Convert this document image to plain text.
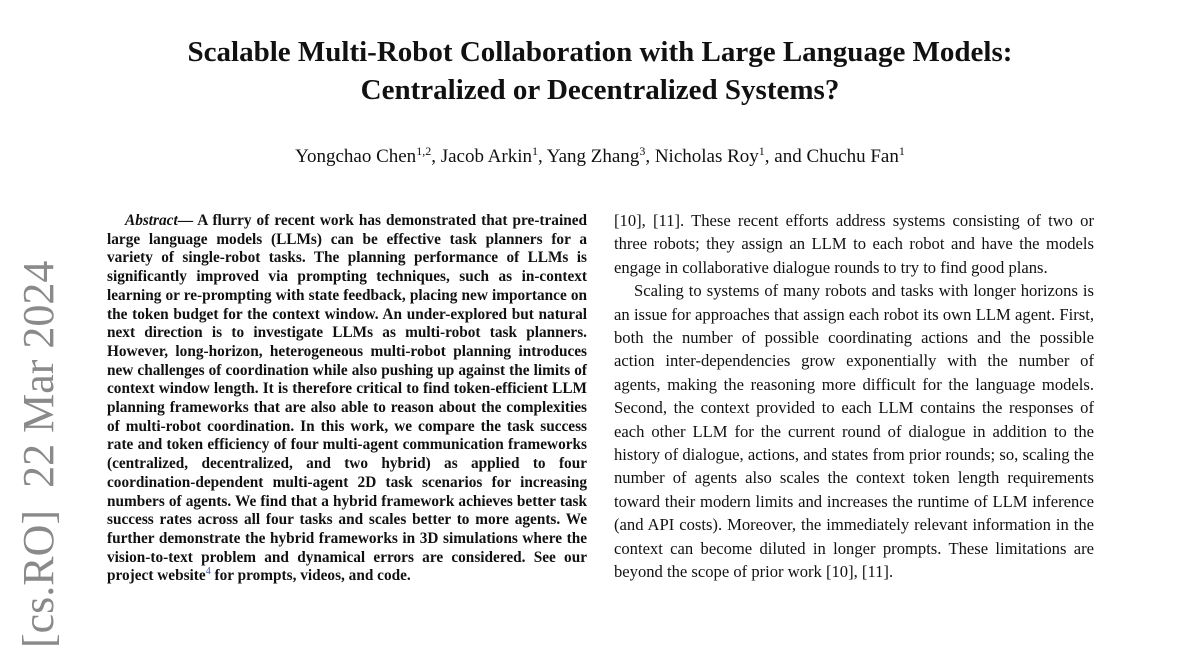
Scalable Multi-Robot Collaboration with Large Language Models:
Centralized or Decentralized Systems?
Yongchao Chen$^{1,2}$, Jacob Arkin$^1$, Yang Zhang$^3$, Nicholas Roy$^1$, and Chuchu Fan$^1$
[cs.RO]  22 Mar 2024

Abstract— A flurry of recent work has demonstrated that pre-trained large language models (LLMs) can be effective task planners for a variety of single-robot tasks. The planning performance of LLMs is significantly improved via prompting techniques, such as in-context learning or re-prompting with state feedback, placing new importance on the token budget for the context window. An under-explored but natural next direction is to investigate LLMs as multi-robot task planners. However, long-horizon, heterogeneous multi-robot planning introduces new challenges of coordination while also pushing up against the limits of context window length. It is therefore critical to find token-efficient LLM planning frameworks that are also able to reason about the complexities of multi-robot coordination. In this work, we compare the task success rate and token efficiency of four multi-agent communication frameworks (centralized, decentralized, and two hybrid) as applied to four coordination-dependent multi-agent 2D task scenarios for increasing numbers of agents. We find that a hybrid framework achieves better task success rates across all four tasks and scales better to more agents. We further demonstrate the hybrid frameworks in 3D simulations where the vision-to-text problem and dynamical errors are considered. See our project website$^4$ for prompts, videos, and code.

[10], [11]. These recent efforts address systems consisting of two or three robots; they assign an LLM to each robot and have the models engage in collaborative dialogue rounds to try to find good plans.

Scaling to systems of many robots and tasks with longer horizons is an issue for approaches that assign each robot its own LLM agent. First, both the number of possible coordinating actions and the possible action inter-dependencies grow exponentially with the number of agents, making the reasoning more difficult for the language models. Second, the context provided to each LLM contains the responses of each other LLM for the current round of dialogue in addition to the history of dialogue, actions, and states from prior rounds; so, scaling the number of agents also scales the context token length requirements toward their modern limits and increases the runtime of LLM inference (and API costs). Moreover, the immediately relevant information in the context can become diluted in longer prompts. These limitations are beyond the scope of prior work [10], [11].
